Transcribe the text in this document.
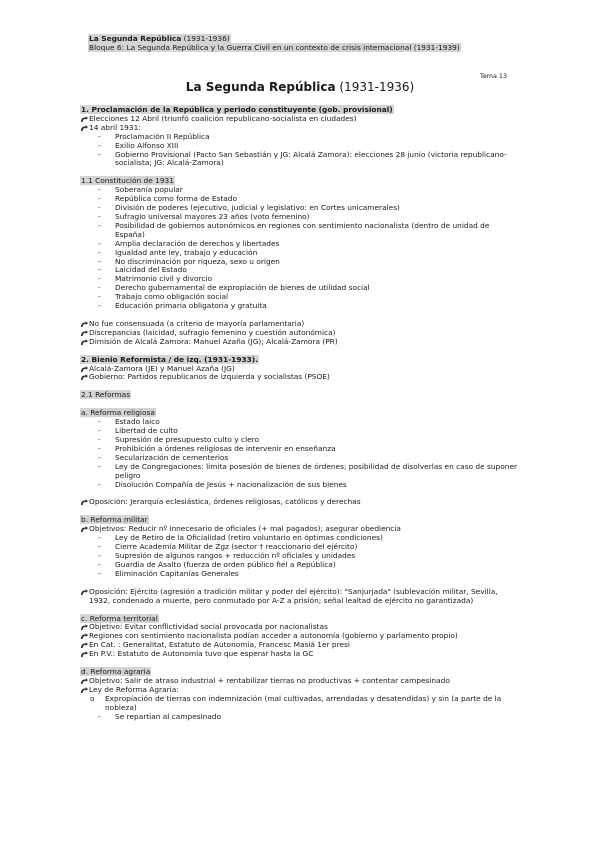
La Segunda República (1931-1936)
Bloque 6: La Segunda República y la Guerra Civil en un contexto de crisis internacional (1931-1939)
Tema 13
La Segunda República (1931-1936)
1. Proclamación de la República y periodo constituyente (gob. provisional)
Elecciones 12 Abril (triunfó coalición republicano-socialista en ciudades)
14 abril 1931:
-	Proclamación II República
-	Exilio Alfonso XIII
-	Gobierno Provisional (Pacto San Sebastián y JG: Alcalá Zamora): elecciones 28 junio (victoria republicano-socialista; JG: Alcalá-Zamora)
1.1 Constitución de 1931
-	Soberanía popular
-	República como forma de Estado
-	División de poderes (ejecutivo, judicial y legislativo: en Cortes unicamerales)
-	Sufragio universal mayores 23 años (voto femenino)
-	Posibilidad de gobiernos autonómicos en regiones con sentimiento nacionalista (dentro de unidad de España)
-	Amplia declaración de derechos y libertades
-	Igualdad ante ley, trabajo y educación
-	No discriminación por riqueza, sexo u origen
-	Laicidad del Estado
-	Matrimonio civil y divorcio
-	Derecho gubernamental de expropiación de bienes de utilidad social
-	Trabajo como obligación social
-	Educación primaria obligatoria y gratuita
No fue consensuada (a criterio de mayoría parlamentaria)
Discrepancias (laicidad, sufragio femenino y cuestión autonómica)
Dimisión de Alcalá Zamora: Manuel Azaña (JG); Alcalá-Zamora (PR)
2. Bienio Reformista / de izq. (1931-1933).
Alcalá-Zamora (JE) y Manuel Azaña (JG)
Gobierno: Partidos republicanos de izquierda y socialistas (PSOE)
2.1 Reformas
a. Reforma religiosa
-	Estado laico
-	Libertad de culto
-	Supresión de presupuesto culto y clero
-	Prohibición a órdenes religiosas de intervenir en enseñanza
-	Secularización de cementerios
-	Ley de Congregaciones: limita posesión de bienes de órdenes; posibilidad de disolverlas en caso de suponer peligro
-	Disolución Compañía de Jesús + nacionalización de sus bienes
Oposición: Jerarquía eclesiástica, órdenes religiosas, católicos y derechas
b. Reforma militar
Objetivos: Reducir nº innecesario de oficiales (+ mal pagados); asegurar obediencia
-	Ley de Retiro de la Oficialidad (retiro voluntario en óptimas condiciones)
-	Cierre Academia Militar de Zgz (sector † reaccionario del ejército)
-	Supresión de algunos rangos + reducción nº oficiales y unidades
-	Guardia de Asalto (fuerza de orden público fiel a República)
-	Eliminación Capitanías Generales
Oposición: Ejército (agresión a tradición militar y poder del ejército): "Sanjurjada" (sublevación militar, Sevilla, 1932, condenado a muerte, pero conmutado por A-Z a prisión; señal lealtad de ejército no garantizada)
c. Reforma territorial
Objetivo: Evitar conflictividad social provocada por nacionalistas
Regiones con sentimiento nacionalista podían acceder a autonomía (gobierno y parlamento propio)
En Cat. : Generalitat, Estatuto de Autonomía, Francesc Masiá 1er presi
En P.V.: Estatuto de Autonomía tuvo que esperar hasta la GC
d. Reforma agraria
Objetivo: Salir de atraso industrial + rentabilizar tierras no productivas + contentar campesinado
Ley de Reforma Agraria:
o	Expropiación de tierras con indemnización (mal cultivadas, arrendadas y desatendidas) y sin (a parte de la nobleza)
-	Se repartían al campesinado
